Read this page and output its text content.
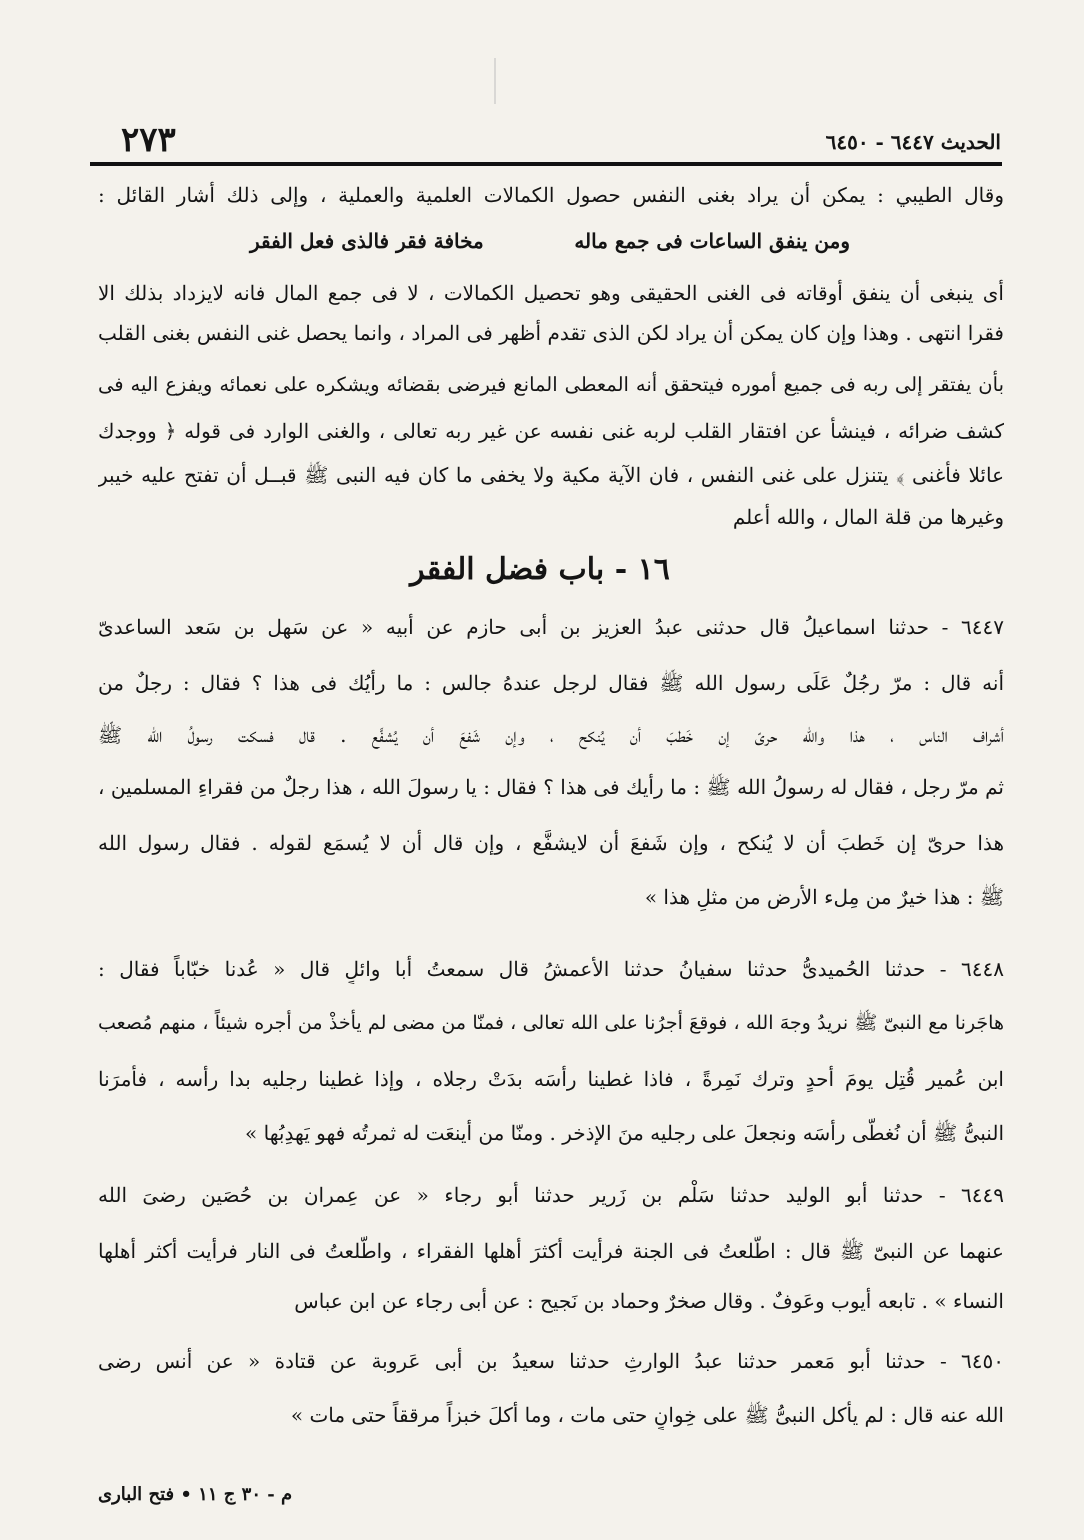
٢٧٣	الحديث ٦٤٤٧ - ٦٤٥٠
وقال الطيبي : يمكن أن يراد بغنى النفس حصول الكمالات العلمية والعملية ، وإلى ذلك أشار القائل :
ومن ينفق الساعات فى جمع ماله
مخافة فقر فالذى فعل الفقر
أى ينبغى أن ينفق أوقاته فى الغنى الحقيقى وهو تحصيل الكمالات ، لا فى جمع المال فانه لايزداد بذلك الا
فقرا انتهى . وهذا وإن كان يمكن أن يراد لكن الذى تقدم أظهر فى المراد ، وانما يحصل غنى النفس بغنى القلب
بأن يفتقر إلى ربه فى جميع أموره فيتحقق أنه المعطى المانع فيرضى بقضائه ويشكره على نعمائه ويفزع اليه فى
كشف ضرائه ، فينشأ عن افتقار القلب لربه غنى نفسه عن غير ربه تعالى ، والغنى الوارد فى قوله ﴿ ووجدك
عائلا فأغنى ﴾ يتنزل على غنى النفس ، فان الآية مكية ولا يخفى ما كان فيه النبى ﷺ قبــل أن تفتح عليه خيبر
وغيرها من قلة المال ، والله أعلم
١٦ - باب فضل الفقر
٦٤٤٧ - حدثنا اسماعيلُ قال حدثنى عبدُ العزيز بن أبى حازم عن أبيه « عن سَهل بن سَعد الساعدىّ
أنه قال : مرّ رجُلٌ عَلَى رسول الله ﷺ فقال لرجل عندهُ جالس : ما رأيُك فى هذا ؟ فقال : رجلٌ من
أشراف الناس ، هذا والله حرىّ إن خَطبَ أن يُنكح ، وإن شَفعَ أن يُشفَّع . قال فسكت رسولُ الله ﷺ
ثم مرّ رجل ، فقال له رسولُ الله ﷺ : ما رأيك فى هذا ؟ فقال : يا رسولَ الله ، هذا رجلٌ من فقراءِ المسلمين ،
هذا حرىّ إن خَطبَ أن لا يُنكح ، وإن شَفعَ أن لايشفَّع ، وإن قال أن لا يُسمَع لقوله . فقال رسول الله
ﷺ : هذا خيرٌ من مِلء الأرض من مثلِ هذا »
٦٤٤٨ - حدثنا الحُميدىُّ حدثنا سفيانُ حدثنا الأعمشُ قال سمعتُ أبا وائلٍ قال « عُدنا خبّاباً فقال :
هاجَرنا مع النبىّ ﷺ نريدُ وجهَ الله ، فوقعَ أجرُنا على الله تعالى ، فمنّا من مضى لم يأخذْ من أجره شيئاً ، منهم مُصعب
ابن عُمير قُتِل يومَ أحدٍ وترك نَمِرةً ، فاذا غطينا رأسَه بدَتْ رجلاه ، وإذا غطينا رجليه بدا رأسه ، فأمرَنا
النبىُّ ﷺ أن نُغطّى رأسَه ونجعلَ على رجليه منَ الإذخر . ومنّا من أينعَت له ثمرتُه فهو يَهدِبُها »
٦٤٤٩ - حدثنا أبو الوليد حدثنا سَلْم بن زَرير حدثنا أبو رجاء « عن عِمران بن حُصَين رضىَ الله
عنهما عن النبىّ ﷺ قال : اطّلعتُ فى الجنة فرأيت أكثرَ أهلها الفقراء ، واطّلعتُ فى النار فرأيت أكثر أهلها
النساء » . تابعه أيوب وعَوفٌ . وقال صخرٌ وحماد بن نَجيح : عن أبى رجاء عن ابن عباس
٦٤٥٠ - حدثنا أبو مَعمر حدثنا عبدُ الوارثِ حدثنا سعيدُ بن أبى عَروبة عن قتادة « عن أنس رضى
الله عنه قال : لم يأكل النبىُّ ﷺ على خِوانٍ حتى مات ، وما أكلَ خبزاً مرققاً حتى مات »
م - ٣٠ ج ١١ • فتح البارى
